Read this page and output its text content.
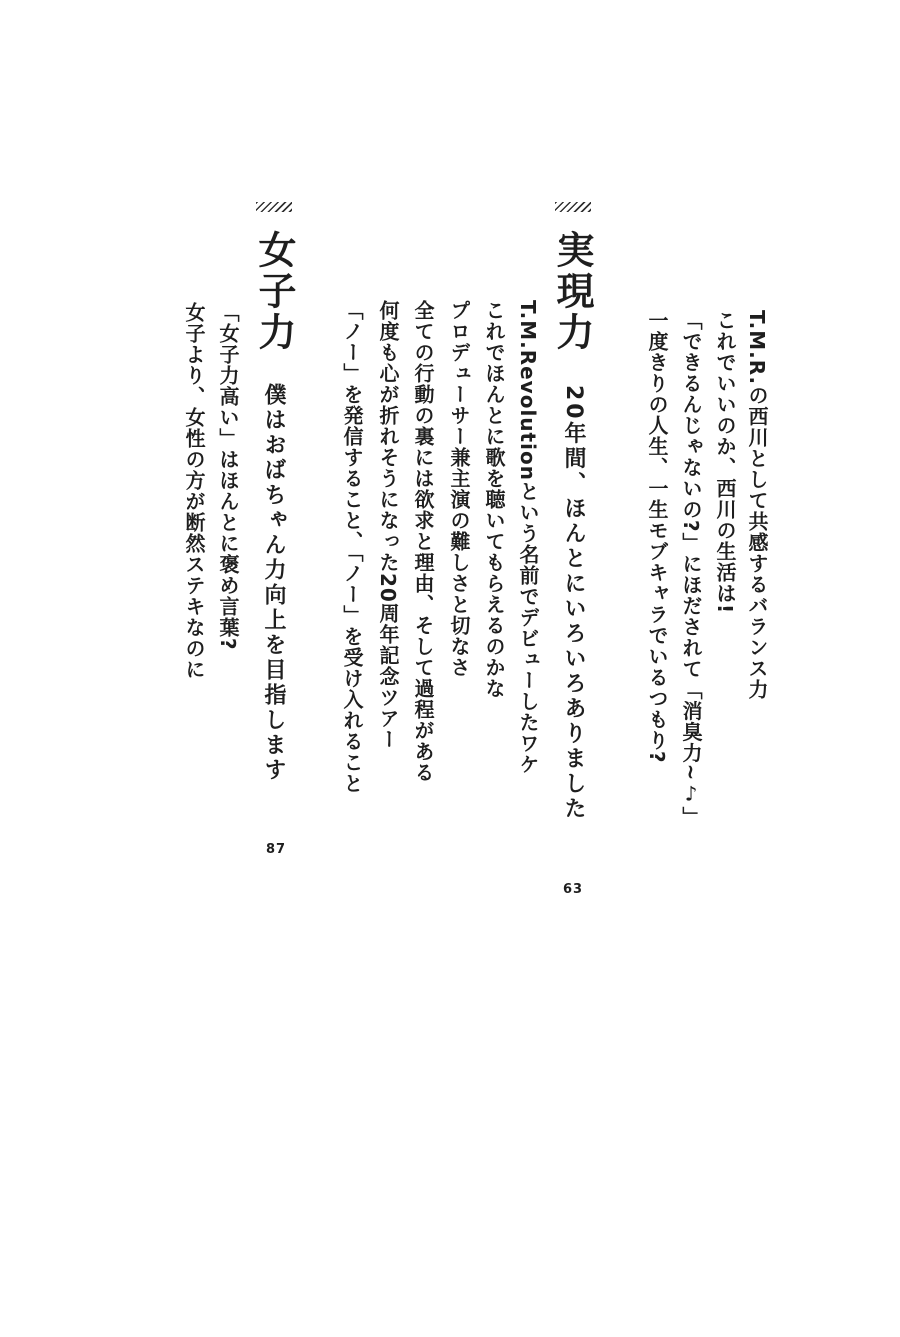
T.M.R.の西川として共感するバランス力
これでいいのか、西川の生活は!
「できるんじゃないの?」にほだされて「消臭力~♪」
一度きりの人生、一生モブキャラでいるつもり?
実現力
20年間、ほんとにいろいろありました
63
T.M.Revolutionという名前でデビューしたワケ
これでほんとに歌を聴いてもらえるのかな
プロデューサー兼主演の難しさと切なさ
全ての行動の裏には欲求と理由、そして過程がある
何度も心が折れそうになった20周年記念ツアー
「ノー」を発信すること、「ノー」を受け入れること
女子力
僕はおばちゃん力向上を目指します
87
「女子力高い」はほんとに褒め言葉?
女子より、女性の方が断然ステキなのに
